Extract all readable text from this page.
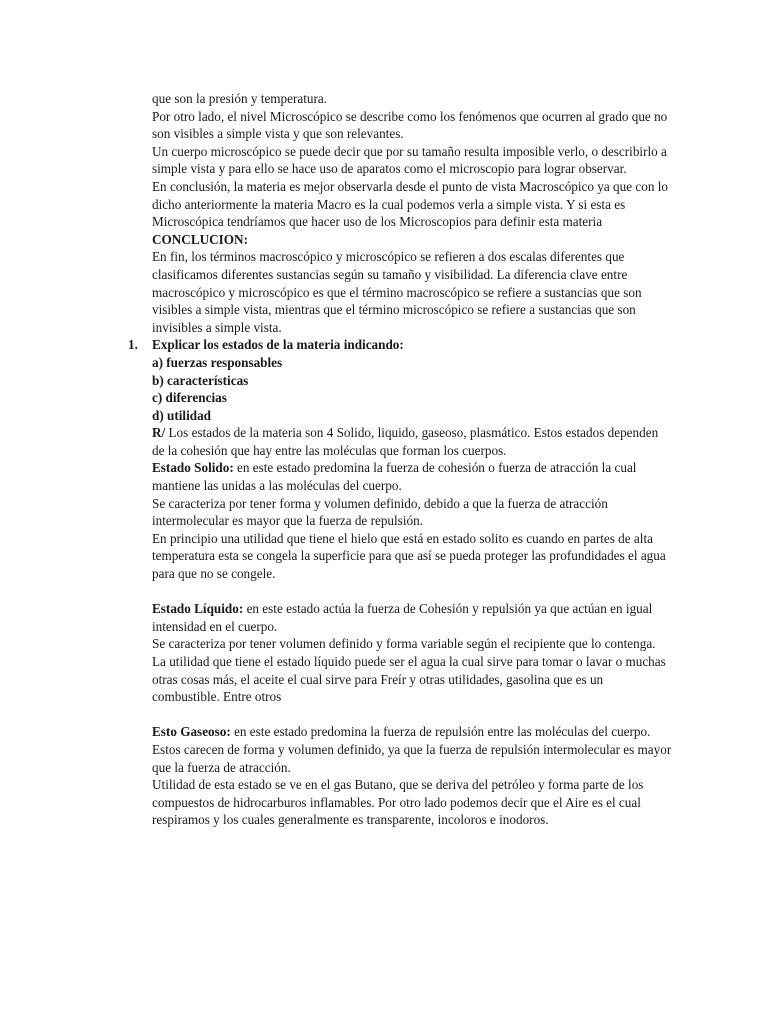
que son la presión y temperatura.

Por otro lado, el nivel Microscópico se describe como los fenómenos que ocurren al grado que no son visibles a simple vista y que son relevantes.

Un cuerpo microscópico se puede decir que por su tamaño resulta imposible verlo, o describirlo a simple vista y para ello se hace uso de aparatos como el microscopio para lograr observar.

En conclusión, la materia es mejor observarla desde el punto de vista Macroscópico ya que con lo dicho anteriormente la materia Macro es la cual podemos verla a simple vista. Y si esta es Microscópica tendríamos que hacer uso de los Microscopios para definir esta materia

CONCLUCION:

En fin, los términos macroscópico y microscópico se refieren a dos escalas diferentes que clasificamos diferentes sustancias según su tamaño y visibilidad. La diferencia clave entre macroscópico y microscópico es que el término macroscópico se refiere a sustancias que son visibles a simple vista, mientras que el término microscópico se refiere a sustancias que son invisibles a simple vista.

1. Explicar los estados de la materia indicando:

a) fuerzas responsables

b) características

c) diferencias

d) utilidad

R/ Los estados de la materia son 4 Solido, liquido, gaseoso, plasmático. Estos estados dependen de la cohesión que hay entre las moléculas que forman los cuerpos.

Estado Solido: en este estado predomina la fuerza de cohesión o fuerza de atracción la cual mantiene las unidas a las moléculas del cuerpo.

Se caracteriza por tener forma y volumen definido, debido a que la fuerza de atracción intermolecular es mayor que la fuerza de repulsión.

En principio una utilidad que tiene el hielo que está en estado solito es cuando en partes de alta temperatura esta se congela la superficie para que así se pueda proteger las profundidades el agua para que no se congele.

Estado Líquido: en este estado actúa la fuerza de Cohesión y repulsión ya que actúan en igual intensidad en el cuerpo.

Se caracteriza por tener volumen definido y forma variable según el recipiente que lo contenga.

La utilidad que tiene el estado líquido puede ser el agua la cual sirve para tomar o lavar o muchas otras cosas más, el aceite el cual sirve para Freír y otras utilidades, gasolina que es un combustible. Entre otros

Esto Gaseoso: en este estado predomina la fuerza de repulsión entre las moléculas del cuerpo. Estos carecen de forma y volumen definido, ya que la fuerza de repulsión intermolecular es mayor que la fuerza de atracción.

Utilidad de esta estado se ve en el gas Butano, que se deriva del petróleo y forma parte de los compuestos de hidrocarburos inflamables. Por otro lado podemos decir que el Aire es el cual respiramos y los cuales generalmente es transparente, incoloros e inodoros.
